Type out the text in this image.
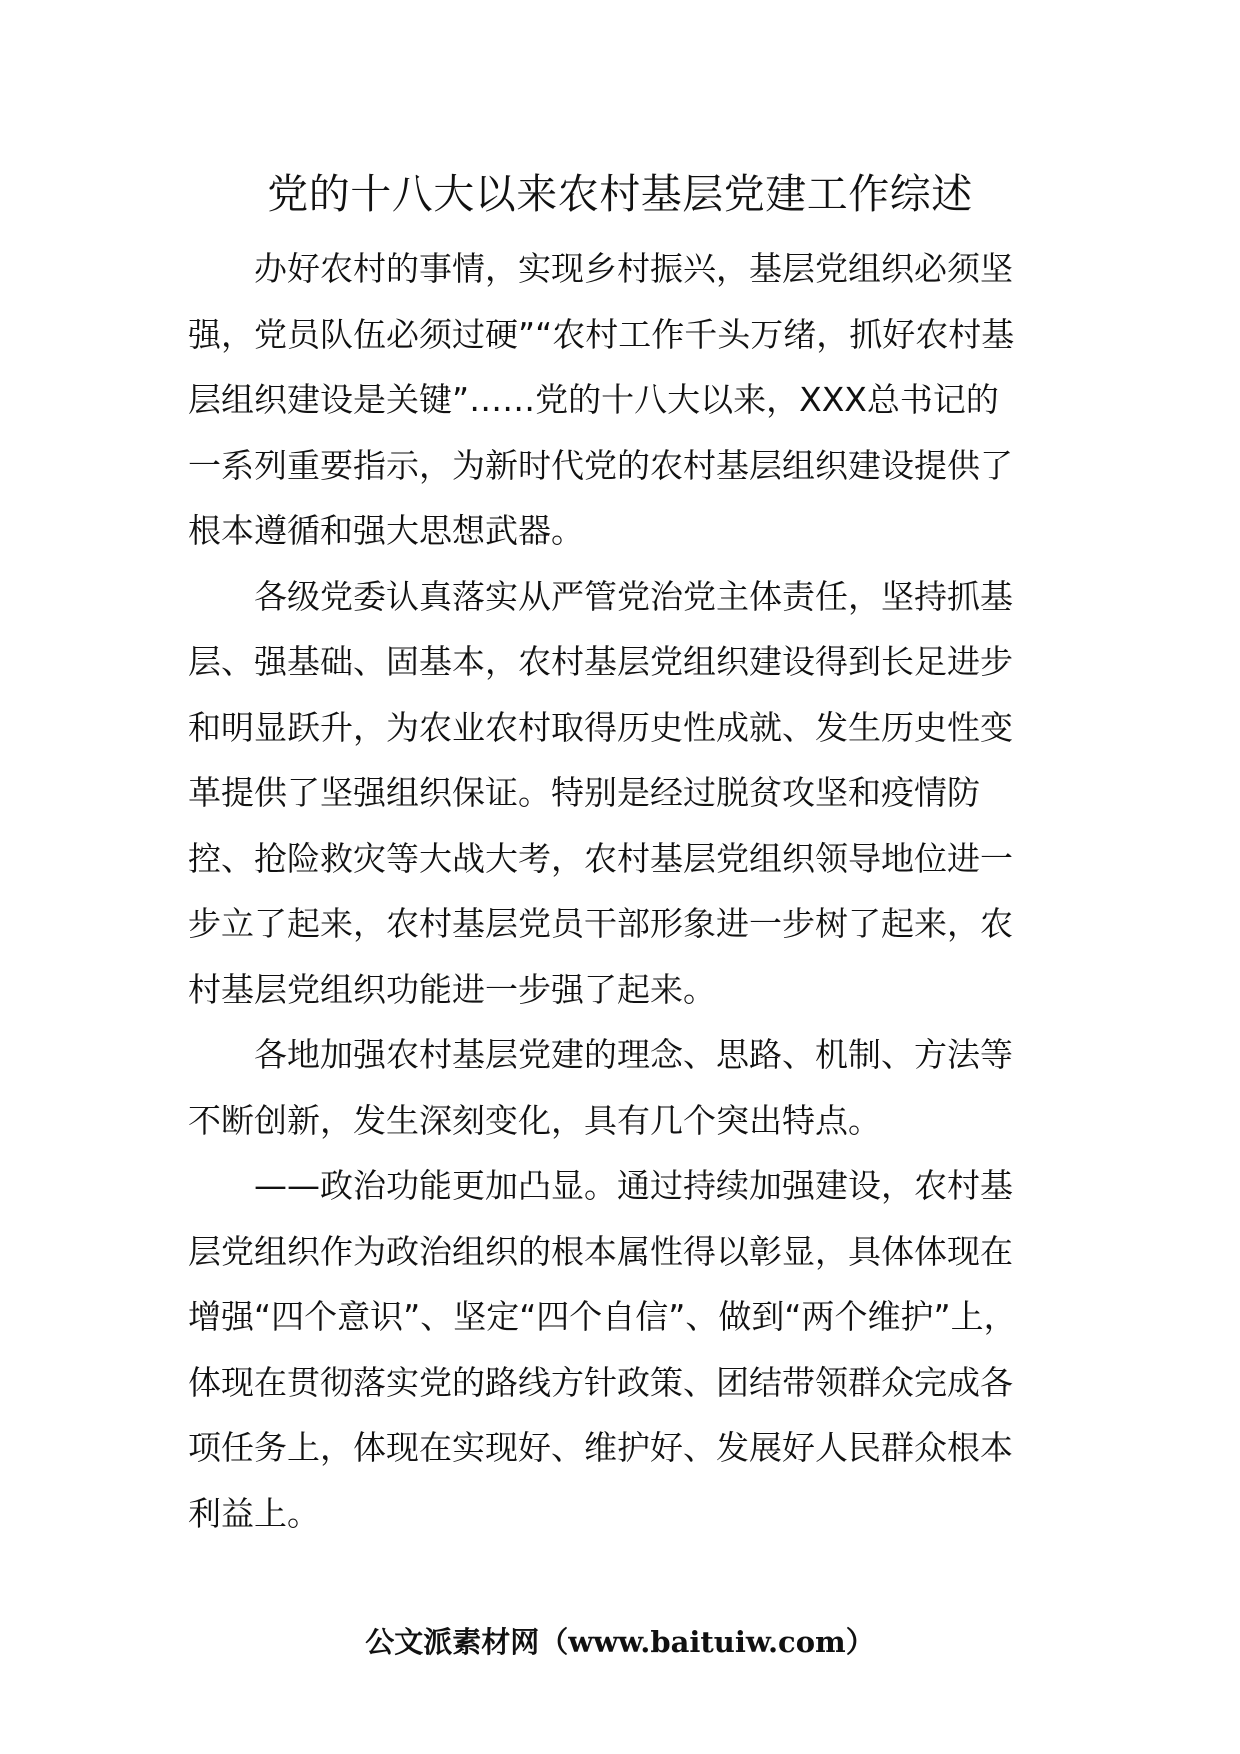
党的十八大以来农村基层党建工作综述

办好农村的事情，实现乡村振兴，基层党组织必须坚强，党员队伍必须过硬”“农村工作千头万绪，抓好农村基层组织建设是关键”……党的十八大以来，XXX总书记的一系列重要指示，为新时代党的农村基层组织建设提供了根本遵循和强大思想武器。

各级党委认真落实从严管党治党主体责任，坚持抓基层、强基础、固基本，农村基层党组织建设得到长足进步和明显跃升，为农业农村取得历史性成就、发生历史性变革提供了坚强组织保证。特别是经过脱贫攻坚和疫情防控、抢险救灾等大战大考，农村基层党组织领导地位进一步立了起来，农村基层党员干部形象进一步树了起来，农村基层党组织功能进一步强了起来。

各地加强农村基层党建的理念、思路、机制、方法等不断创新，发生深刻变化，具有几个突出特点。

——政治功能更加凸显。通过持续加强建设，农村基层党组织作为政治组织的根本属性得以彰显，具体体现在增强“四个意识”、坚定“四个自信”、做到“两个维护”上，体现在贯彻落实党的路线方针政策、团结带领群众完成各项任务上，体现在实现好、维护好、发展好人民群众根本利益上。

公文派素材网（www.baituiw.com）
